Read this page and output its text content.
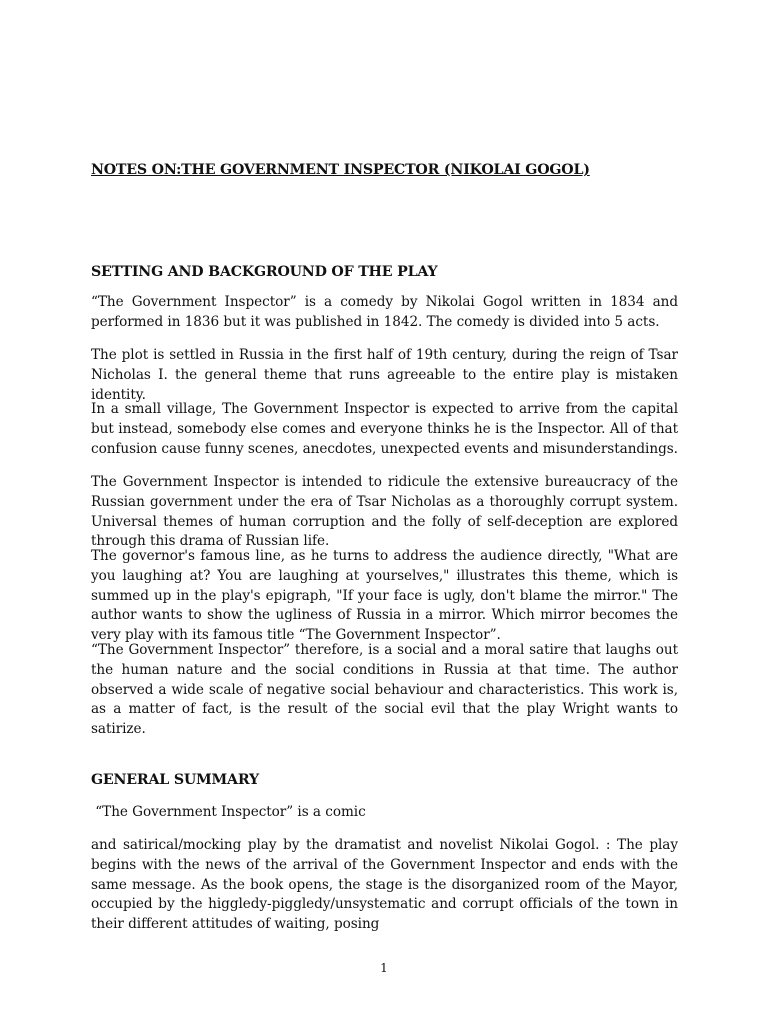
NOTES ON:THE GOVERNMENT INSPECTOR (NIKOLAI GOGOL)
SETTING AND BACKGROUND OF THE PLAY

“The Government Inspector” is a comedy by Nikolai Gogol written in 1834 and performed in 1836 but it was published in 1842. The comedy is divided into 5 acts.

The plot is settled in Russia in the first half of 19th century, during the reign of Tsar Nicholas I. the general theme that runs agreeable to the entire play is mistaken identity.

In a small village, The Government Inspector is expected to arrive from the capital but instead, somebody else comes and everyone thinks he is the Inspector. All of that confusion cause funny scenes, anecdotes, unexpected events and misunderstandings.

The Government Inspector is intended to ridicule the extensive bureaucracy of the Russian government under the era of Tsar Nicholas as a thoroughly corrupt system. Universal themes of human corruption and the folly of self-deception are explored through this drama of Russian life.

The governor's famous line, as he turns to address the audience directly, "What are you laughing at? You are laughing at yourselves," illustrates this theme, which is summed up in the play's epigraph, "If your face is ugly, don't blame the mirror." The author wants to show the ugliness of Russia in a mirror. Which mirror becomes the very play with its famous title “The Government Inspector”.

“The Government Inspector” therefore, is a social and a moral satire that laughs out the human nature and the social conditions in Russia at that time. The author observed a wide scale of negative social behaviour and characteristics. This work is, as a matter of fact, is the result of the social evil that the play Wright wants to satirize.

GENERAL SUMMARY

“The Government Inspector” is a comic

and satirical/mocking play by the dramatist and novelist Nikolai Gogol. : The play begins with the news of the arrival of the Government Inspector and ends with the same message. As the book opens, the stage is the disorganized room of the Mayor, occupied by the higgledy-piggledy/unsystematic and corrupt officials of the town in their different attitudes of waiting, posing

1
